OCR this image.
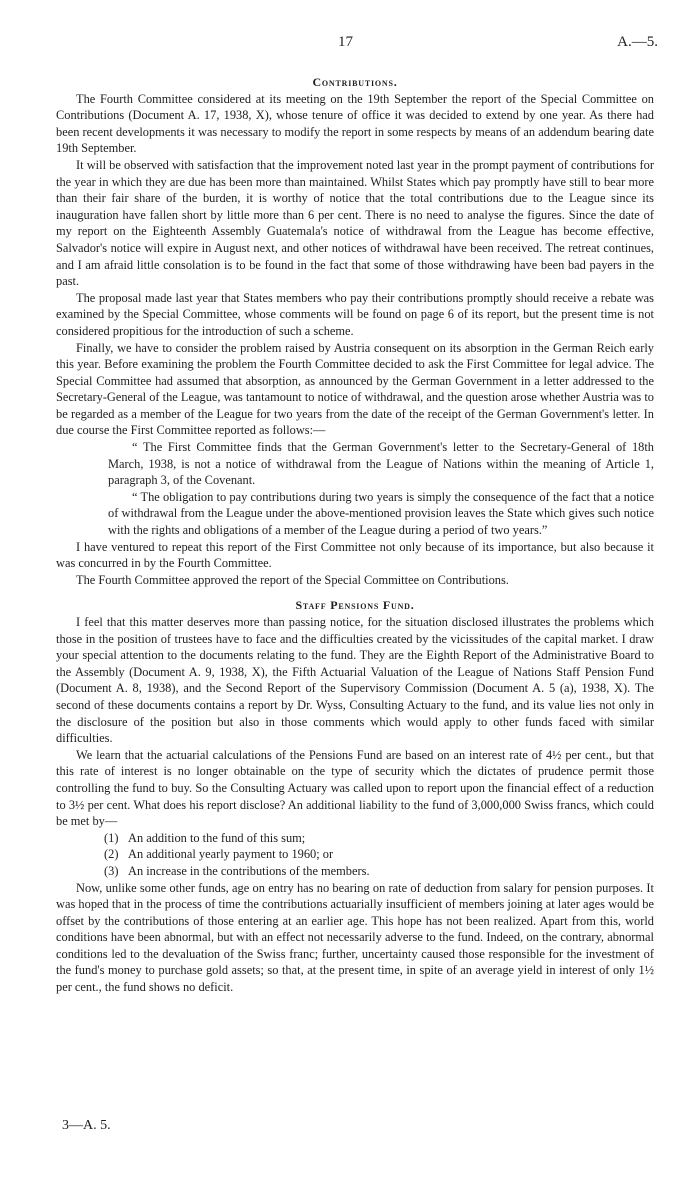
17	A.—5.
Contributions.

The Fourth Committee considered at its meeting on the 19th September the report of the Special Committee on Contributions (Document A. 17, 1938, X), whose tenure of office it was decided to extend by one year. As there had been recent developments it was necessary to modify the report in some respects by means of an addendum bearing date 19th September.

It will be observed with satisfaction that the improvement noted last year in the prompt payment of contributions for the year in which they are due has been more than maintained. Whilst States which pay promptly have still to bear more than their fair share of the burden, it is worthy of notice that the total contributions due to the League since its inauguration have fallen short by little more than 6 per cent. There is no need to analyse the figures. Since the date of my report on the Eighteenth Assembly Guatemala's notice of withdrawal from the League has become effective, Salvador's notice will expire in August next, and other notices of withdrawal have been received. The retreat continues, and I am afraid little consolation is to be found in the fact that some of those withdrawing have been bad payers in the past.

The proposal made last year that States members who pay their contributions promptly should receive a rebate was examined by the Special Committee, whose comments will be found on page 6 of its report, but the present time is not considered propitious for the introduction of such a scheme.

Finally, we have to consider the problem raised by Austria consequent on its absorption in the German Reich early this year. Before examining the problem the Fourth Committee decided to ask the First Committee for legal advice. The Special Committee had assumed that absorption, as announced by the German Government in a letter addressed to the Secretary-General of the League, was tantamount to notice of withdrawal, and the question arose whether Austria was to be regarded as a member of the League for two years from the date of the receipt of the German Government's letter. In due course the First Committee reported as follows:—

“ The First Committee finds that the German Government's letter to the Secretary-General of 18th March, 1938, is not a notice of withdrawal from the League of Nations within the meaning of Article 1, paragraph 3, of the Covenant.

“ The obligation to pay contributions during two years is simply the consequence of the fact that a notice of withdrawal from the League under the above-mentioned provision leaves the State which gives such notice with the rights and obligations of a member of the League during a period of two years.”

I have ventured to repeat this report of the First Committee not only because of its importance, but also because it was concurred in by the Fourth Committee.

The Fourth Committee approved the report of the Special Committee on Contributions.

Staff Pensions Fund.

I feel that this matter deserves more than passing notice, for the situation disclosed illustrates the problems which those in the position of trustees have to face and the difficulties created by the vicissitudes of the capital market. I draw your special attention to the documents relating to the fund. They are the Eighth Report of the Administrative Board to the Assembly (Document A. 9, 1938, X), the Fifth Actuarial Valuation of the League of Nations Staff Pension Fund (Document A. 8, 1938), and the Second Report of the Supervisory Commission (Document A. 5 (a), 1938, X). The second of these documents contains a report by Dr. Wyss, Consulting Actuary to the fund, and its value lies not only in the disclosure of the position but also in those comments which would apply to other funds faced with similar difficulties.

We learn that the actuarial calculations of the Pensions Fund are based on an interest rate of 4½ per cent., but that this rate of interest is no longer obtainable on the type of security which the dictates of prudence permit those controlling the fund to buy. So the Consulting Actuary was called upon to report upon the financial effect of a reduction to 3½ per cent. What does his report disclose? An additional liability to the fund of 3,000,000 Swiss francs, which could be met by—

(1) An addition to the fund of this sum;
(2) An additional yearly payment to 1960; or
(3) An increase in the contributions of the members.

Now, unlike some other funds, age on entry has no bearing on rate of deduction from salary for pension purposes. It was hoped that in the process of time the contributions actuarially insufficient of members joining at later ages would be offset by the contributions of those entering at an earlier age. This hope has not been realized. Apart from this, world conditions have been abnormal, but with an effect not necessarily adverse to the fund. Indeed, on the contrary, abnormal conditions led to the devaluation of the Swiss franc; further, uncertainty caused those responsible for the investment of the fund's money to purchase gold assets; so that, at the present time, in spite of an average yield in interest of only 1½ per cent., the fund shows no deficit.

3—A. 5.
